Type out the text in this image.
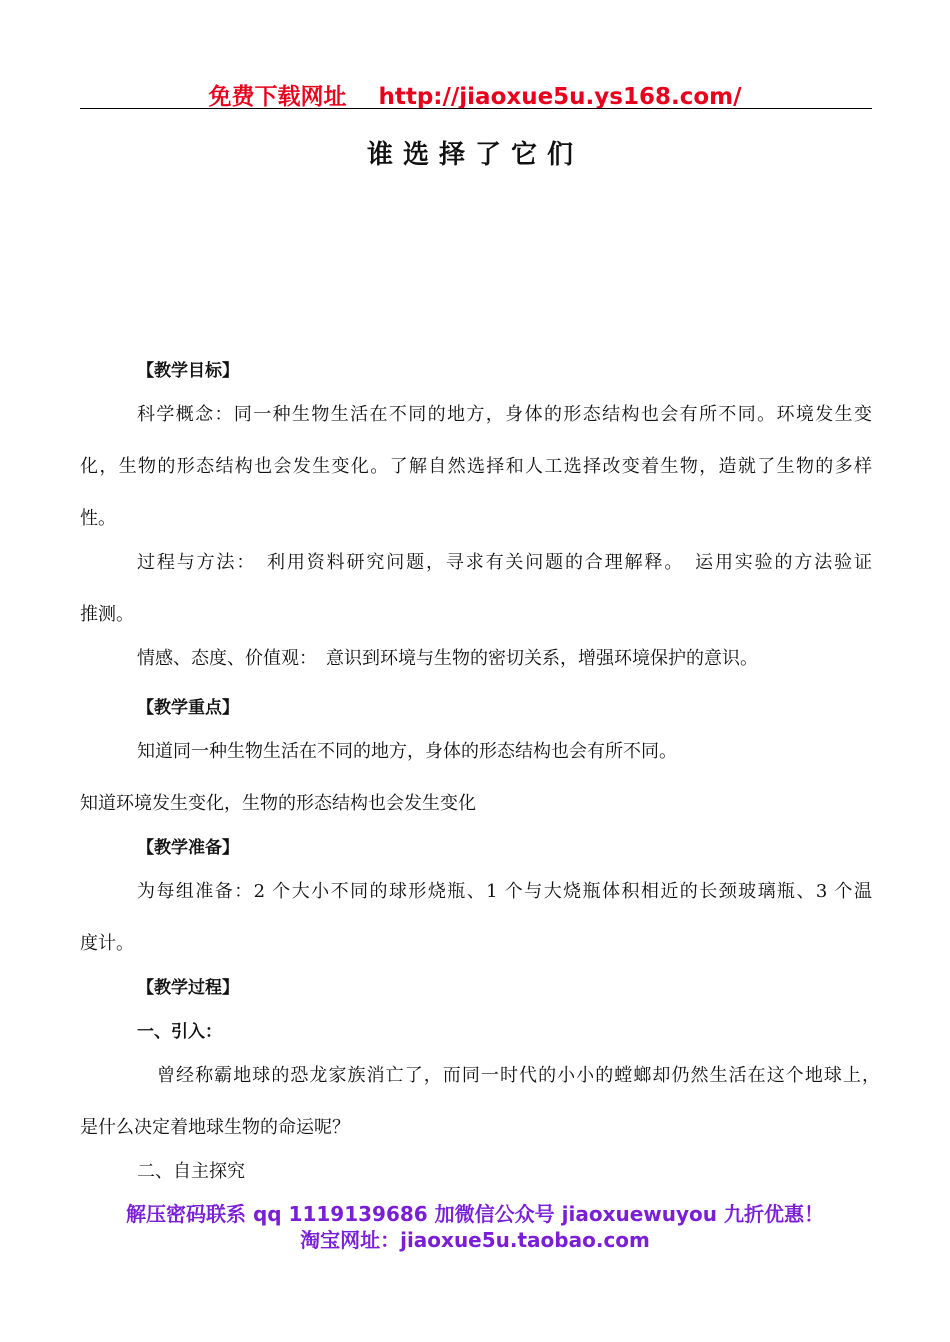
免费下载网址 http://jiaoxue5u.ys168.com/
谁选择了它们
【教学目标】
科学概念：同一种生物生活在不同的地方，身体的形态结构也会有所不同。环境发生变
化，生物的形态结构也会发生变化。了解自然选择和人工选择改变着生物，造就了生物的多样
性。
过程与方法：　利用资料研究问题，寻求有关问题的合理解释。　运用实验的方法验证
推测。
情感、态度、价值观：　意识到环境与生物的密切关系，增强环境保护的意识。
【教学重点】
知道同一种生物生活在不同的地方，身体的形态结构也会有所不同。
知道环境发生变化，生物的形态结构也会发生变化
【教学准备】
为每组准备：2 个大小不同的球形烧瓶、1 个与大烧瓶体积相近的长颈玻璃瓶、3 个温
度计。
【教学过程】
一、引入：
曾经称霸地球的恐龙家族消亡了，而同一时代的小小的螳螂却仍然生活在这个地球上，
是什么决定着地球生物的命运呢？
二、自主探究
解压密码联系 qq 1119139686 加微信公众号 jiaoxuewuyou 九折优惠！
淘宝网址：jiaoxue5u.taobao.com
